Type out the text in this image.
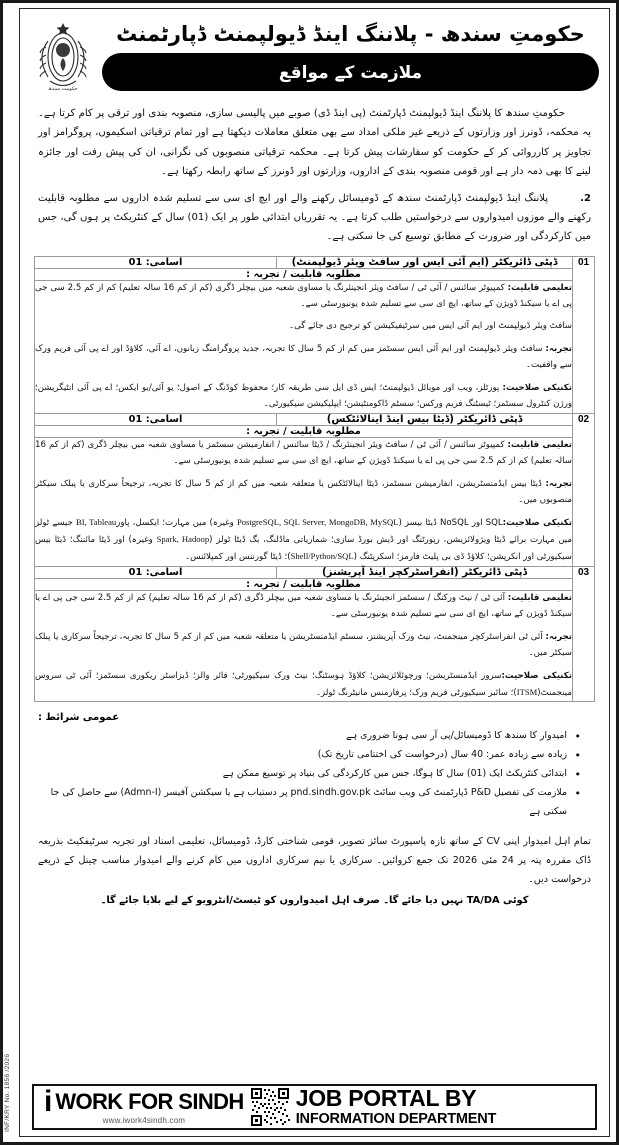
INF/KRY No. 1856 /2026
حکومتِ سندھ - پلاننگ اینڈ ڈیولپمنٹ ڈپارٹمنٹ
ملازمت کے مواقع
حکومت سندھ
حکومتِ سندھ کا پلاننگ اینڈ ڈیولپمنٹ ڈپارٹمنٹ (پی اینڈ ڈی) صوبے میں پالیسی سازی، منصوبہ بندی اور ترقی پر کام کرتا ہے۔ یہ محکمہ، ڈونرز اور وزارتوں کے ذریعے غیر ملکی امداد سے بھی متعلق معاملات دیکھتا ہے اور تمام ترقیاتی اسکیموں، پروگرامز اور تجاویز پر کارروائی کر کے حکومت کو سفارشات پیش کرتا ہے۔ محکمہ ترقیاتی منصوبوں کی نگرانی، ان کی پیش رفت اور جائزہ لینے کا بھی ذمہ دار ہے اور قومی منصوبہ بندی کے اداروں، وزارتوں اور ڈونرز کے ساتھ رابطہ رکھتا ہے۔
2.پلاننگ اینڈ ڈیولپمنٹ ڈپارٹمنٹ سندھ کے ڈومیسائل رکھنے والے اور ایچ ای سی سے تسلیم شدہ اداروں سے مطلوبہ قابلیت رکھنے والے موزوں امیدواروں سے درخواستیں طلب کرتا ہے۔ یہ تقرریاں ابتدائی طور پر ایک (01) سال کے کنٹریکٹ پر ہوں گی، جس میں کارکردگی اور ضرورت کے مطابق توسیع کی جا سکتی ہے۔
01	ڈپٹی ڈائریکٹر (ایم آئی ایس اور سافٹ ویئر ڈیولپمنٹ)	اسامی: 01
	مطلوبہ قابلیت / تجربہ :	

	تعلیمی قابلیت: کمپیوٹر سائنس / آئی ٹی / سافٹ ویئر انجینئرنگ یا مساوی شعبہ میں بیچلر ڈگری (کم از کم 16 سالہ تعلیم) کم از کم 2.5 سی جی پی اے یا سیکنڈ ڈویژن کے ساتھ، ایچ ای سی سے تسلیم شدہ یونیورسٹی سے۔

سافٹ ویئر ڈیولپمنٹ اور ایم آئی ایس میں سرٹیفیکیشن کو ترجیح دی جائے گی۔

تجربہ: سافٹ ویئر ڈیولپمنٹ اور ایم آئی ایس سسٹمز میں کم از کم 5 سال کا تجربہ، جدید پروگرامنگ زبانوں، اے آئی، کلاؤڈ اور اے پی آئی فریم ورک سے واقفیت۔

تکنیکی صلاحیت: پورٹلز، ویب اور موبائل ڈیولپمنٹ؛ ایس ڈی ایل سی طریقہ کار؛ محفوظ کوڈنگ کے اصول؛ یو آئی/یو ایکس؛ اے پی آئی انٹیگریشن؛ ورژن کنٹرول سسٹمز؛ ٹیسٹنگ فریم ورکس؛ سسٹم ڈاکومنٹیشن؛ ایپلیکیشن سیکیورٹی۔	

02	ڈپٹی ڈائریکٹر (ڈیٹا بیس اینڈ اینالائٹکس)	اسامی: 01
	مطلوبہ قابلیت / تجربہ :	

	تعلیمی قابلیت: کمپیوٹر سائنس / آئی ٹی / سافٹ ویئر انجینئرنگ / ڈیٹا سائنس / انفارمیشن سسٹمز یا مساوی شعبہ میں بیچلر ڈگری (کم از کم 16 سالہ تعلیم) کم از کم 2.5 سی جی پی اے یا سیکنڈ ڈویژن کے ساتھ، ایچ ای سی سے تسلیم شدہ یونیورسٹی سے۔

تجربہ: ڈیٹا بیس ایڈمنسٹریشن، انفارمیشن سسٹمز، ڈیٹا اینالائٹکس یا متعلقہ شعبہ میں کم از کم 5 سال کا تجربہ، ترجیحاً سرکاری یا پبلک سیکٹر منصوبوں میں۔

تکنیکی صلاحیت:SQL اور NoSQL ڈیٹا بیسز (PostgreSQL, SQL Server, MongoDB, MySQL وغیرہ) میں مہارت؛ ایکسل، پاورBI, Tableau جیسے ٹولز میں مہارت برائے ڈیٹا ویژولائزیشن، رپورٹنگ اور ڈیش بورڈ سازی؛ شماریاتی ماڈلنگ، بگ ڈیٹا ٹولز (Spark, Hadoop وغیرہ) اور ڈیٹا مائننگ؛ ڈیٹا بیس سیکیورٹی اور انکرپشن؛ کلاؤڈ ڈی بی پلیٹ فارمز؛ اسکرپٹنگ (Shell/Python/SQL)؛ ڈیٹا گورننس اور کمپلائنس۔	

03	ڈپٹی ڈائریکٹر (انفراسٹرکچر اینڈ آپریشنز)	اسامی: 01
	مطلوبہ قابلیت / تجربہ :	

	تعلیمی قابلیت: آئی ٹی / نیٹ ورکنگ / سسٹمز انجینئرنگ یا مساوی شعبہ میں بیچلر ڈگری (کم از کم 16 سالہ تعلیم) کم از کم 2.5 سی جی پی اے یا سیکنڈ ڈویژن کے ساتھ، ایچ ای سی سے تسلیم شدہ یونیورسٹی سے۔

تجربہ: آئی ٹی انفراسٹرکچر مینجمنٹ، نیٹ ورک آپریشنز، سسٹم ایڈمنسٹریشن یا متعلقہ شعبہ میں کم از کم 5 سال کا تجربہ، ترجیحاً سرکاری یا پبلک سیکٹر میں۔

تکنیکی صلاحیت:سرور ایڈمنسٹریشن؛ ورچوئلائزیشن؛ کلاؤڈ ہوسٹنگ؛ نیٹ ورک سیکیورٹی؛ فائر والز؛ ڈیزاسٹر ریکوری سسٹمز؛ آئی ٹی سروس مینجمنٹ(ITSM)؛ سائبر سیکیورٹی فریم ورک؛ پرفارمنس مانیٹرنگ ٹولز۔	

عمومی شرائط :
• امیدوار کا سندھ کا ڈومیسائل/پی آر سی ہونا ضروری ہے
• زیادہ سے زیادہ عمر: 40 سال (درخواست کی اختتامی تاریخ تک)
• ابتدائی کنٹریکٹ ایک (01) سال کا ہوگا، جس میں کارکردگی کی بنیاد پر توسیع ممکن ہے
• ملازمت کی تفصیل P&D ڈپارٹمنٹ کی ویب سائٹ pnd.sindh.gov.pk پر دستیاب ہے یا سیکشن آفیسر (Admn-I) سے حاصل کی جا سکتی ہے
تمام اہل امیدوار اپنی CV کے ساتھ تازہ پاسپورٹ سائز تصویر، قومی شناختی کارڈ، ڈومیسائل، تعلیمی اسناد اور تجربہ سرٹیفکیٹ بذریعہ ڈاک مقررہ پتہ پر 24 مئی 2026 تک جمع کروائیں۔ سرکاری یا نیم سرکاری اداروں میں کام کرنے والے امیدوار مناسب چینل کے ذریعے درخواست دیں۔
کوئی TA/DA نہیں دیا جائے گا۔ صرف اہل امیدواروں کو ٹیسٹ/انٹرویو کے لیے بلایا جائے گا۔
i WORK FOR SINDH
www.iwork4sindh.com
JOB PORTAL BY
INFORMATION DEPARTMENT
